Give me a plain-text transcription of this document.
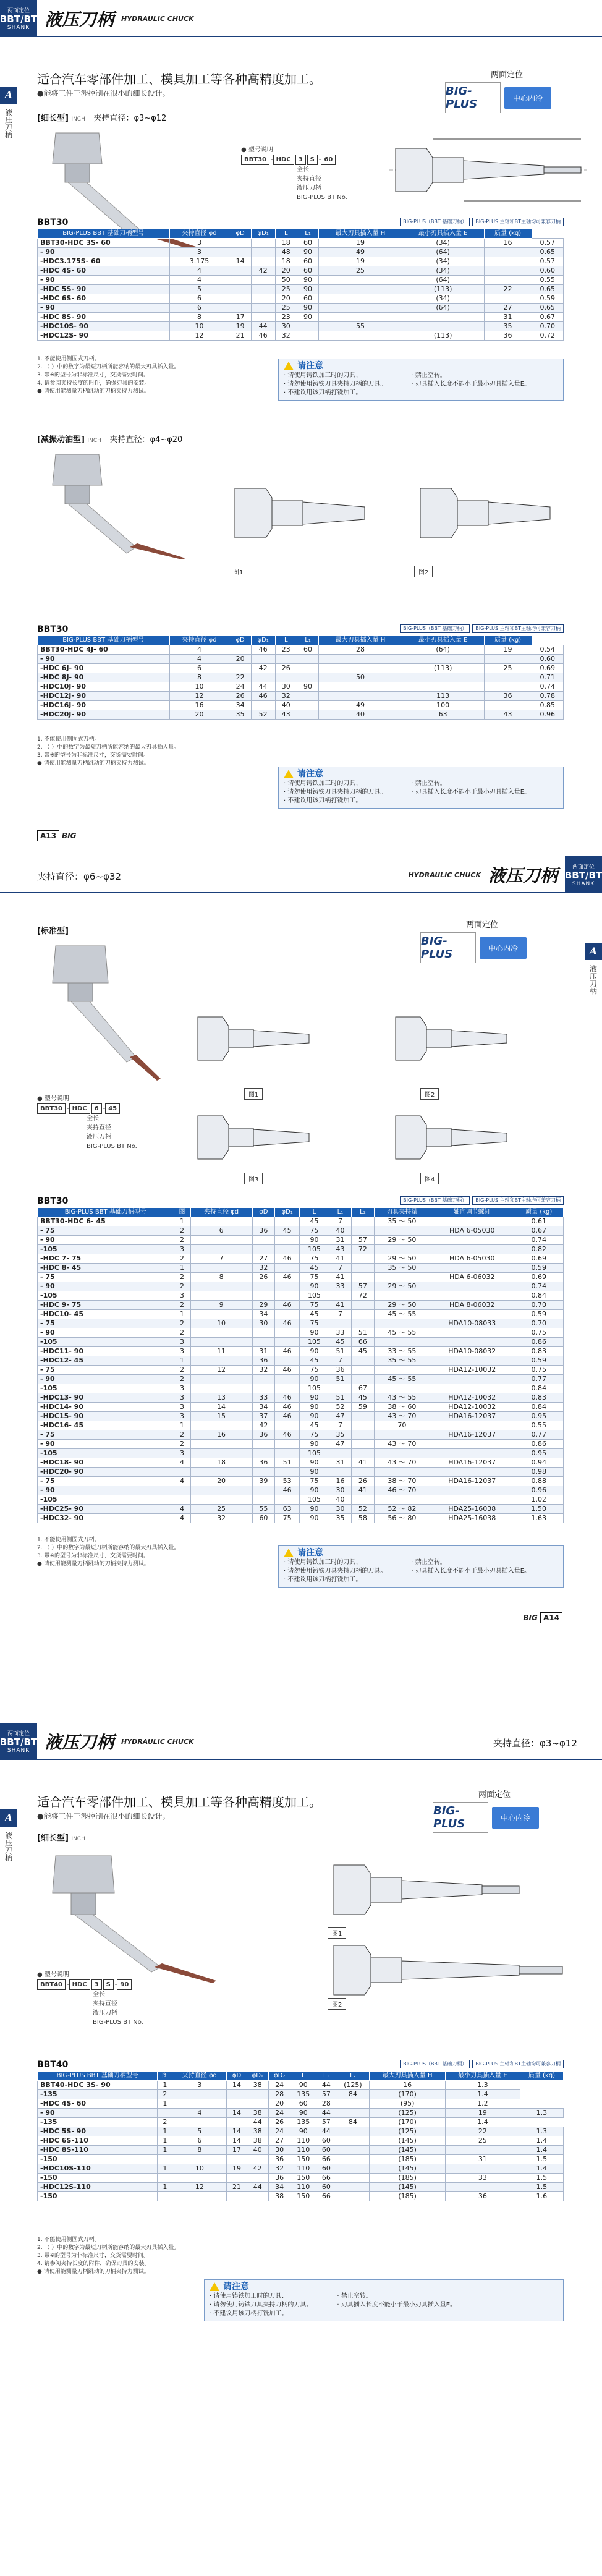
两面定位
BBT/BT
SHANK 液压刀柄 HYDRAULIC CHUCK
A
液压刀柄
适合汽车零部件加工、模具加工等各种高精度加工。
●能将工件干涉控制在很小的细长设计。
[细长型] INCH 夹持直径：φ3~φ12
两面定位
BIG-PLUS	中心内冷
● 型号说明
BBT30 - HDC 3 S - 60
全长
夹持直径
液压刀柄
BIG-PLUS BT No.
BBT30	BIG-PLUS（BBT 基础刀柄）	BIG-PLUS 主轴和BT主轴均可兼容刀柄
BIG-PLUS BBT 基础刀柄型号	夹持直径 φd	φD	φD₁	L	L₁	最大刃具插入量 H	最小刃具插入量 E	质量 (kg)	
BBT30-HDC 3S- 60	3			18	60	19	(34)	16	0.57
- 90	3			48	90	49	(64)		0.65
-HDC3.175S- 60	3.175	14		18	60	19	(34)		0.57
-HDC 4S- 60	4		42	20	60	25	(34)		0.60
- 90	4			50	90		(64)		0.55
-HDC 5S- 90	5			25	90		(113)	22	0.65
-HDC 6S- 60	6			20	60		(34)		0.59
- 90	6			25	90		(64)	27	0.65
-HDC 8S- 90	8	17		23	90			31	0.67
-HDC10S- 90	10	19	44	30		55		35	0.70
-HDC12S- 90	12	21	46	32			(113)	36	0.72
1. 不能使用侧固式刀柄。
2. （ ）中的数字为最短刀柄所能容纳的最大刃具插入量。
3. 带※的型号为非标准尺寸，交货需要时间。
4. 请参阅夹持长度的附件，确保刃具的安装。
● 请使用能测量刀柄跳动的刀柄夹持力测试。
请注意
· 请使用铸铁加工时的刀具、
· 请勿使用铸铁刀具夹持刀柄的刀具。
· 不建议用该刀柄打铣加工。
· 禁止空转。
· 刃具插入长度不能小于最小刃具插入量E。
[减振动油型] INCH 夹持直径：φ4~φ20
图1	图2
BBT30	BIG-PLUS（BBT 基础刀柄）	BIG-PLUS 主轴和BT主轴均可兼容刀柄
BIG-PLUS BBT 基础刀柄型号	夹持直径 φd	φD	φD₁	L	L₁	最大刃具插入量 H	最小刃具插入量 E	质量 (kg)	
BBT30-HDC 4J- 60	4		46	23	60	28	(64)	19	0.54
- 90	4	20							0.60
-HDC 6J- 90	6		42	26			(113)	25	0.69
-HDC 8J- 90	8	22				50			0.71
-HDC10J- 90	10	24	44	30	90				0.74
-HDC12J- 90	12	26	46	32			113	36	0.78
-HDC16J- 90	16	34		40		49	100		0.85
-HDC20J- 90	20	35	52	43		40	63	43	0.96
1. 不能使用侧固式刀柄。
2. （ ）中的数字为最短刀柄所能容纳的最大刃具插入量。
3. 带※的型号为非标准尺寸，交货需要时间。
● 请使用能测量刀柄跳动的刀柄夹持力测试。
请注意
· 请使用铸铁加工时的刀具、
· 请勿使用铸铁刀具夹持刀柄的刀具。
· 不建议用该刀柄打铣加工。
· 禁止空转。
· 刃具插入长度不能小于最小刃具插入量E。
A13 BIG
夹持直径：φ6~φ32	HYDRAULIC CHUCK 液压刀柄	两面定位
BBT/BT
SHANK
A
液压刀柄
[标准型]
两面定位
BIG-PLUS	中心内冷
图1	图2
图3	图4
● 型号说明
BBT30 - HDC 6 - 45
全长
夹持直径
液压刀柄
BIG-PLUS BT No.
BBT30	BIG-PLUS（BBT 基础刀柄）	BIG-PLUS 主轴和BT主轴均可兼容刀柄
BIG-PLUS BBT 基础刀柄型号	图	夹持直径 φd	φD	φD₁	L	L₁	L₂	刃具夹持量	轴向调节螺钉	质量 (kg)
BBT30-HDC 6- 45	1				45	7		35 ～ 50		0.61
- 75	2	6	36	45	75	40			HDA 6-05030	0.67
- 90	2				90	31	57	29 ～ 50		0.74
-105	3				105	43	72			0.82
-HDC 7- 75	2	7	27	46	75	41		29 ～ 50	HDA 6-05030	0.69
-HDC 8- 45	1		32		45	7		35 ～ 50		0.59
- 75	2	8	26	46	75	41			HDA 6-06032	0.69
- 90	2				90	33	57	29 ～ 50		0.74
-105	3				105		72			0.84
-HDC 9- 75	2	9	29	46	75	41		29 ～ 50	HDA 8-06032	0.70
-HDC10- 45	1		34		45	7		45 ～ 55		0.59
- 75	2	10	30	46	75				HDA10-08033	0.70
- 90	2				90	33	51	45 ～ 55		0.75
-105	3				105	45	66			0.86
-HDC11- 90	3	11	31	46	90	51	45	33 ～ 55	HDA10-08032	0.83
-HDC12- 45	1		36		45	7		35 ～ 55		0.59
- 75	2	12	32	46	75	36			HDA12-10032	0.75
- 90	2				90	51		45 ～ 55		0.77
-105	3				105		67			0.84
-HDC13- 90	3	13	33	46	90	51	45	43 ～ 55	HDA12-10032	0.83
-HDC14- 90	3	14	34	46	90	52	59	38 ～ 60	HDA12-10032	0.84
-HDC15- 90	3	15	37	46	90	47		43 ～ 70	HDA16-12037	0.95
-HDC16- 45	1		42		45	7		70		0.55
- 75	2	16	36	46	75	35			HDA16-12037	0.77
- 90	2				90	47		43 ～ 70		0.86
-105	3				105					0.95
-HDC18- 90	4	18	36	51	90	31	41	43 ～ 70	HDA16-12037	0.94
-HDC20- 90					90					0.98
- 75	4	20	39	53	75	16	26	38 ～ 70	HDA16-12037	0.88
- 90				46	90	30	41	46 ～ 70		0.96
-105					105	40				1.02
-HDC25- 90	4	25	55	63	90	30	52	52 ～ 82	HDA25-16038	1.50
-HDC32- 90	4	32	60	75	90	35	58	56 ～ 80	HDA25-16038	1.63
1. 不能使用侧固式刀柄。
2. （ ）中的数字为最短刀柄所能容纳的最大刃具插入量。
3. 带※的型号为非标准尺寸，交货需要时间。
● 请使用能测量刀柄跳动的刀柄夹持力测试。
请注意
· 请使用铸铁加工时的刀具、
· 请勿使用铸铁刀具夹持刀柄的刀具。
· 不建议用该刀柄打铣加工。
· 禁止空转。
· 刃具插入长度不能小于最小刃具插入量E。
BIG A14
两面定位
BBT/BT
SHANK 液压刀柄 HYDRAULIC CHUCK	夹持直径：φ3~φ12
A
液压刀柄
适合汽车零部件加工、模具加工等各种高精度加工。
●能将工件干涉控制在很小的细长设计。
[细长型] INCH
两面定位
BIG-PLUS	中心内冷
图1
图2
● 型号说明
BBT40 - HDC 3 S - 90
全长
夹持直径
液压刀柄
BIG-PLUS BT No.
BBT40	BIG-PLUS（BBT 基础刀柄）	BIG-PLUS 主轴和BT主轴均可兼容刀柄
BIG-PLUS BBT 基础刀柄型号	图	夹持直径 φd	φD	φD₁	φD₂	L	L₁	L₂	最大刃具插入量 H	最小刃具插入量 E	质量 (kg)
BBT40-HDC 3S- 90	1	3	14	38	24	90	44	(125)	16	1.3	
-135	2				28	135	57	84	(170)	1.4	
-HDC 4S- 60	1				20	60	28		(95)	1.2	
- 90		4	14	38	24	90	44		(125)	19	1.3
-135	2			44	26	135	57	84	(170)	1.4	
-HDC 5S- 90	1	5	14	38	24	90	44		(125)	22	1.3
-HDC 6S-110	1	6	14	38	27	110	60		(145)	25	1.4
-HDC 8S-110	1	8	17	40	30	110	60		(145)		1.4
-150					36	150	66		(185)	31	1.5
-HDC10S-110	1	10	19	42	32	110	60		(145)		1.4
-150					36	150	66		(185)	33	1.5
-HDC12S-110	1	12	21	44	34	110	60		(145)		1.5
-150					38	150	66		(185)	36	1.6
1. 不能使用侧固式刀柄。
2. （ ）中的数字为最短刀柄所能容纳的最大刃具插入量。
3. 带※的型号为非标准尺寸，交货需要时间。
4. 请参阅夹持长度的附件，确保刃具的安装。
● 请使用能测量刀柄跳动的刀柄夹持力测试。
请注意
· 请使用铸铁加工时的刀具、
· 请勿使用铸铁刀具夹持刀柄的刀具。
· 不建议用该刀柄打铣加工。
· 禁止空转。
· 刃具插入长度不能小于最小刃具插入量E。
